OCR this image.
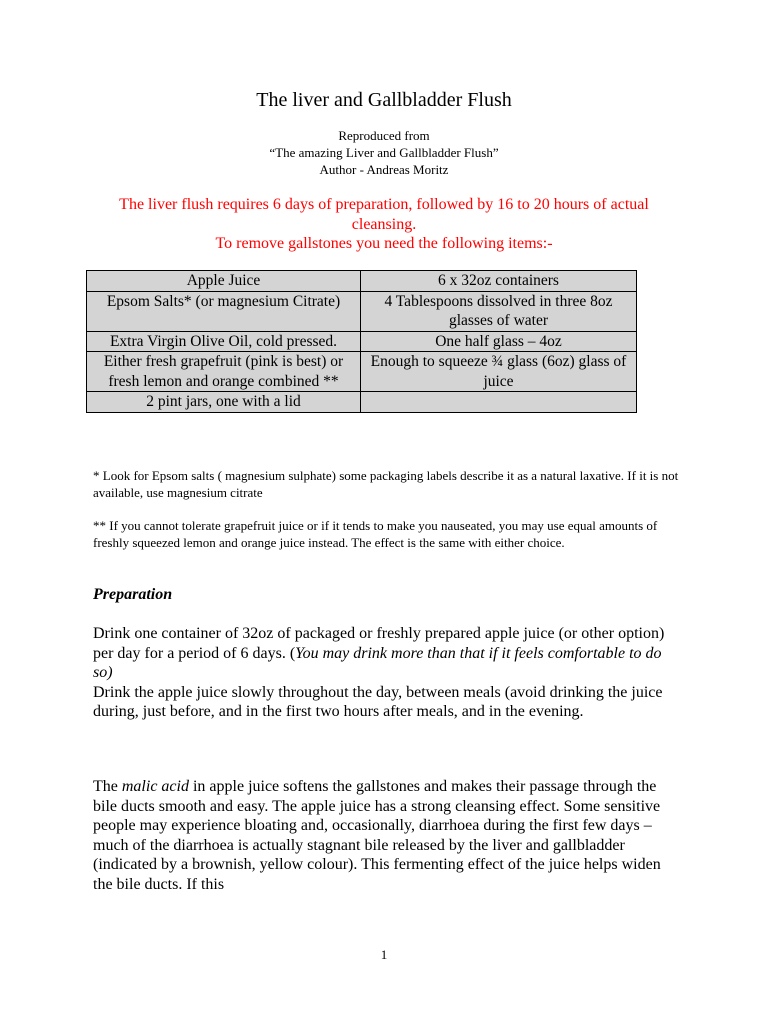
The liver and Gallbladder Flush
Reproduced from
“The amazing Liver and Gallbladder Flush”
Author - Andreas Moritz
The liver flush requires 6 days of preparation, followed by 16 to 20 hours of actual cleansing.
To remove gallstones you need the following items:-
Apple Juice	6 x 32oz containers
Epsom Salts* (or magnesium Citrate)	4 Tablespoons dissolved in three 8oz glasses of water
Extra Virgin Olive Oil, cold pressed.	One half glass – 4oz
Either fresh grapefruit (pink is best) or fresh lemon and orange combined **	Enough to squeeze ¾ glass (6oz) glass of juice
2 pint jars, one with a lid	
* Look for Epsom salts ( magnesium sulphate) some packaging labels describe it as a natural laxative. If it is not available, use magnesium citrate
** If you cannot tolerate grapefruit juice or if it tends to make you nauseated, you may use equal amounts of freshly squeezed lemon and orange juice instead. The effect is the same with either choice.
Preparation
Drink one container of 32oz of packaged or freshly prepared apple juice (or other option) per day for a period of 6 days. (You may drink more than that if it feels comfortable to do so)
Drink the apple juice slowly throughout the day, between meals (avoid drinking the juice during, just before, and in the first two hours after meals, and in the evening.
The malic acid in apple juice softens the gallstones and makes their passage through the bile ducts smooth and easy. The apple juice has a strong cleansing effect. Some sensitive people may experience bloating and, occasionally, diarrhoea during the first few days – much of the diarrhoea is actually stagnant bile released by the liver and gallbladder (indicated by a brownish, yellow colour). This fermenting effect of the juice helps widen the bile ducts. If this
1
